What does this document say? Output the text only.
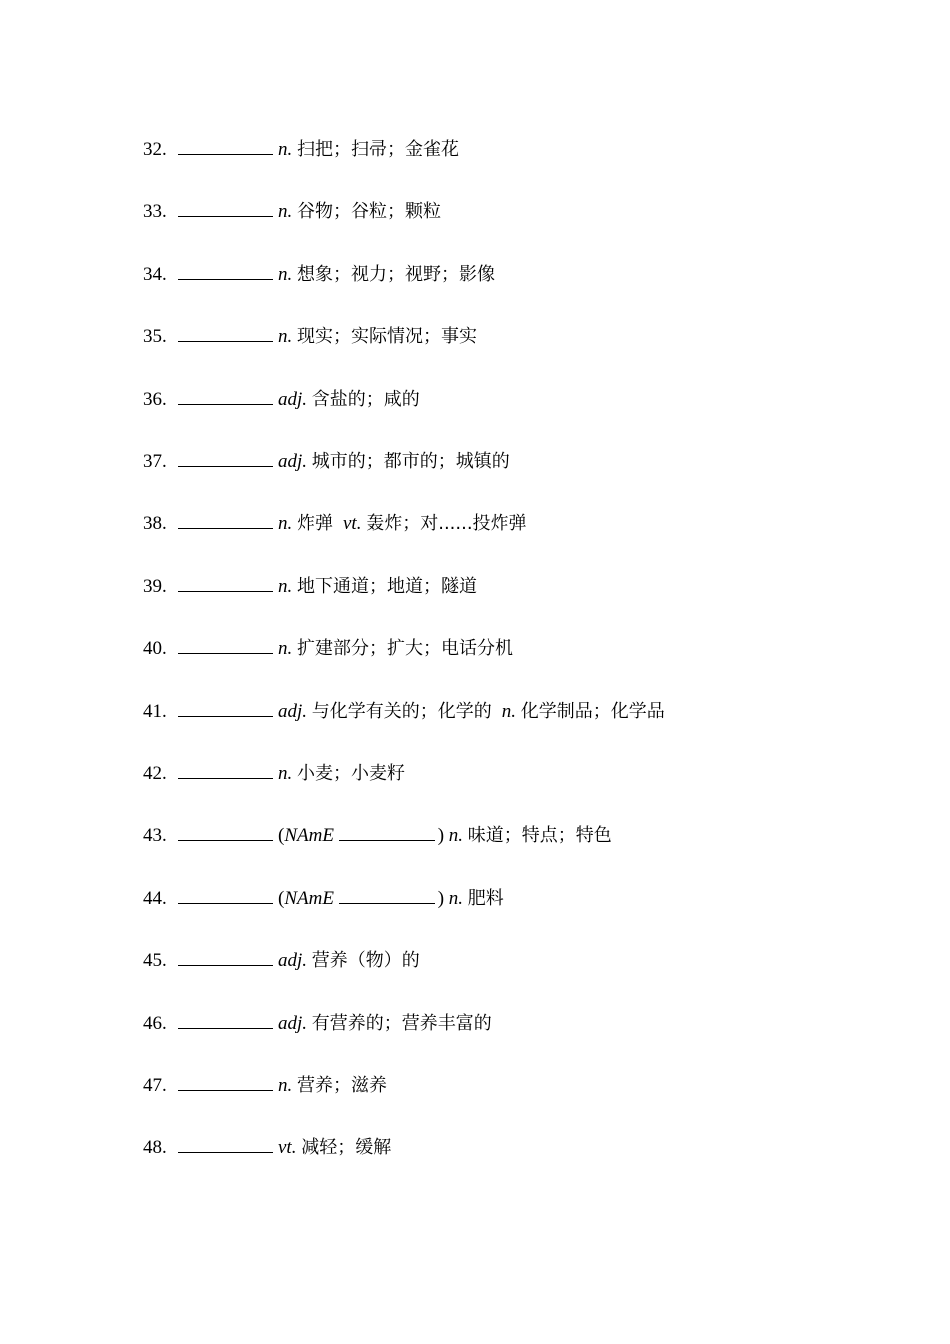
32.	n. 扫把；扫帚；金雀花
33.	n. 谷物；谷粒；颗粒
34.	n. 想象；视力；视野；影像
35.	n. 现实；实际情况；事实
36.	adj. 含盐的；咸的
37.	adj. 城市的；都市的；城镇的
38.	n. 炸弹 vt. 轰炸；对......投炸弹
39.	n. 地下通道；地道；隧道
40.	n. 扩建部分；扩大；电话分机
41.	adj. 与化学有关的；化学的 n. 化学制品；化学品
42.	n. 小麦；小麦籽
43.	(NAmE	) n. 味道；特点；特色
44.	(NAmE	) n. 肥料
45.	adj. 营养（物）的
46.	adj. 有营养的；营养丰富的
47.	n. 营养；滋养
48.	vt. 减轻；缓解
